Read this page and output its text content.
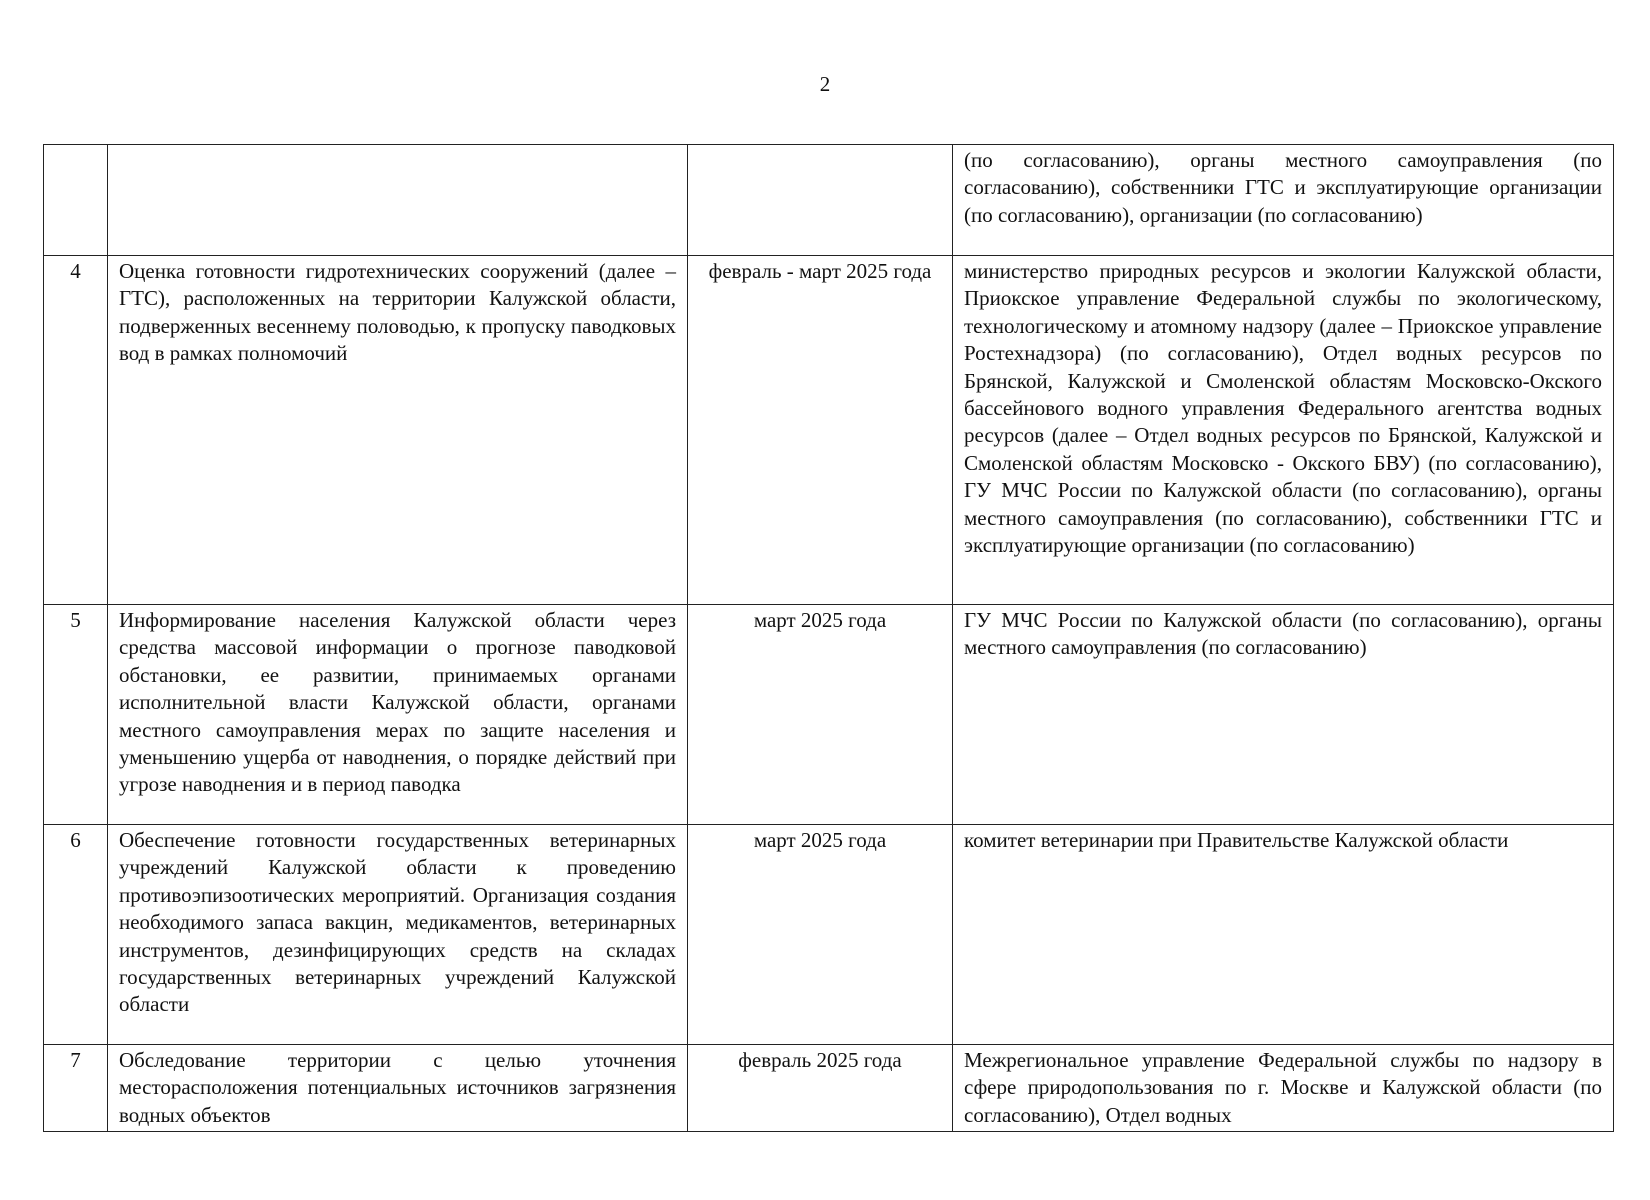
2
			(по согласованию), органы местного самоуправления (по согласованию), собственники ГТС и эксплуатирующие организации (по согласованию), организации (по согласованию)
4	Оценка готовности гидротехнических сооружений (далее – ГТС), расположенных на территории Калужской области, подверженных весеннему половодью, к пропуску паводковых вод в рамках полномочий	февраль - март 2025 года	министерство природных ресурсов и экологии Калужской области, Приокское управление Федеральной службы по экологическому, технологическому и атомному надзору (далее – Приокское управление Ростехнадзора) (по согласованию), Отдел водных ресурсов по Брянской, Калужской и Смоленской областям Московско-Окского бассейнового водного управления Федерального агентства водных ресурсов (далее – Отдел водных ресурсов по Брянской, Калужской и Смоленской областям Московско - Окского БВУ) (по согласованию), ГУ МЧС России по Калужской области (по согласованию), органы местного самоуправления (по согласованию), собственники ГТС и эксплуатирующие организации (по согласованию)
5	Информирование населения Калужской области через средства массовой информации о прогнозе паводковой обстановки, ее развитии, принимаемых органами исполнительной власти Калужской области, органами местного самоуправления мерах по защите населения и уменьшению ущерба от наводнения, о порядке действий при угрозе наводнения и в период паводка	март 2025 года	ГУ МЧС России по Калужской области (по согласованию), органы местного самоуправления (по согласованию)
6	Обеспечение готовности государственных ветеринарных учреждений Калужской области к проведению противоэпизоотических мероприятий. Организация создания необходимого запаса вакцин, медикаментов, ветеринарных инструментов, дезинфицирующих средств на складах государственных ветеринарных учреждений Калужской области	март 2025 года	комитет ветеринарии при Правительстве Калужской области
7	Обследование территории с целью уточнения месторасположения потенциальных источников загрязнения водных объектов	февраль 2025 года	Межрегиональное управление Федеральной службы по надзору в сфере природопользования по г. Москве и Калужской области (по согласованию), Отдел водных
